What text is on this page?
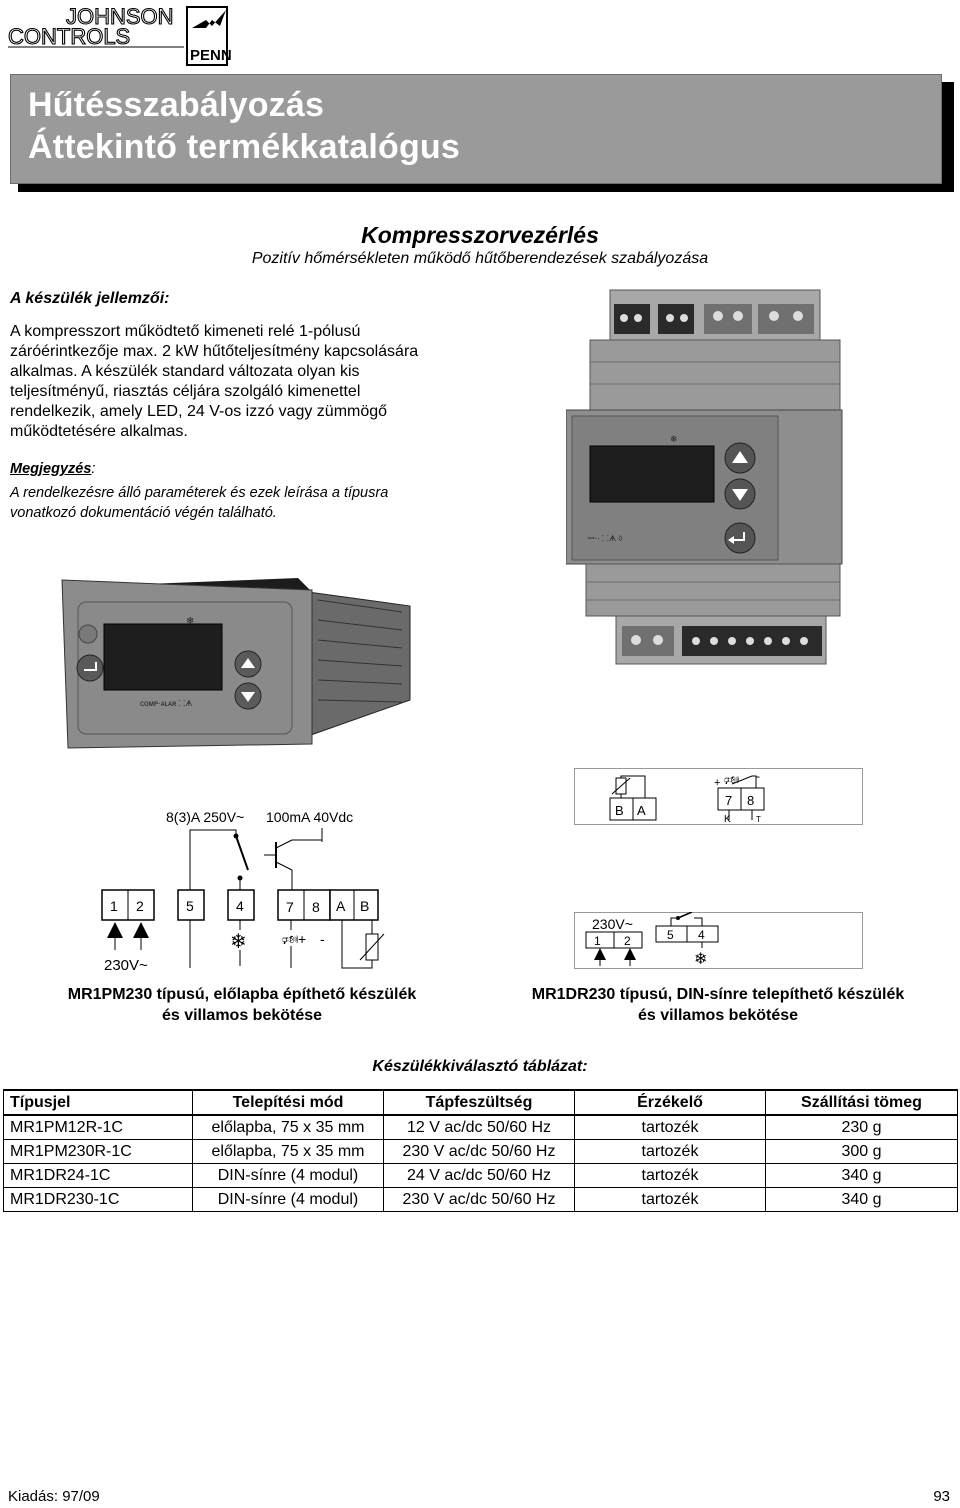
JOHNSON
CONTROLS
PENN
Hűtésszabályozás
Áttekintő termékkatalógus
Kompresszorvezérlés
Pozitív hőmérsékleten működő hűtőberendezések szabályozása
A készülék jellemzői:
A kompresszort működtető kimeneti relé 1-pólusú
záróérintkezője max. 2 kW hűtőteljesítmény kapcsolására
alkalmas. A készülék standard változata olyan kis
teljesítményű, riasztás céljára szolgáló kimenettel
rendelkezik, amely LED, 24 V-os izzó vagy zümmögő
működtetésére alkalmas.
Megjegyzés:
A rendelkezésre álló paraméterek és ezek leírása a típusra
vonatkozó dokumentáció végén található.
❄
ꟷ·· ⸬ᗗ ◊
❄
ᴄᴏᴍᴘ·ᴀʟᴀʀ ⸬ᗗ
8(3)A 250V~ 100mA 40Vdc
1 2	5	4	7 8 A B
230V~
❄	🕬 + -
MR1PM230 típusú, előlapba építhető készülék
és villamos bekötése
B A
7 8
+ 🕬 -
K	T
230V~
1 2	5 4
❄
MR1DR230 típusú, DIN-sínre telepíthető készülék
és villamos bekötése
Készülékkiválasztó táblázat:
Típusjel	Telepítési mód	Tápfeszültség	Érzékelő	Szállítási tömeg
MR1PM12R-1C	előlapba, 75 x 35 mm	12 V ac/dc 50/60 Hz	tartozék	230 g
MR1PM230R-1C	előlapba, 75 x 35 mm	230 V ac/dc 50/60 Hz	tartozék	300 g
MR1DR24-1C	DIN-sínre (4 modul)	24 V ac/dc 50/60 Hz	tartozék	340 g
MR1DR230-1C	DIN-sínre (4 modul)	230 V ac/dc 50/60 Hz	tartozék	340 g
Kiadás: 97/09	93
